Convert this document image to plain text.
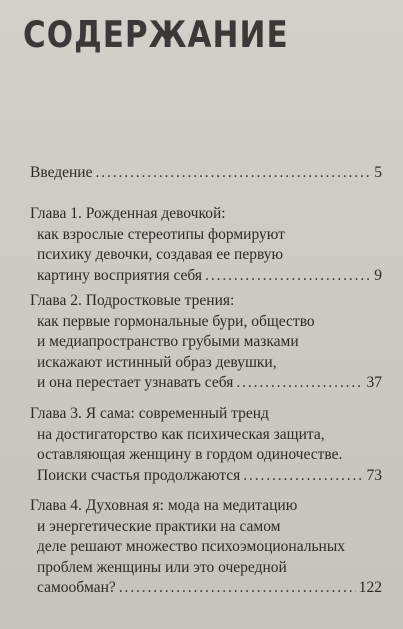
СОДЕРЖАНИЕ
Введение . . .	5
Глава 1. Рожденная девочкой:
как взрослые стереотипы формируют
психику девочки, создавая ее первую
картину восприятия себя . . .	9
Глава 2. Подростковые трения:
как первые гормональные бури, общество
и медиапространство грубыми мазками
искажают истинный образ девушки,
и она перестает узнавать себя . . .	37
Глава 3. Я сама: современный тренд
на достигаторство как психическая защита,
оставляющая женщину в гордом одиночестве.
Поиски счастья продолжаются . . .	73
Глава 4. Духовная я: мода на медитацию
и энергетические практики на самом
деле решают множество психоэмоциональных
проблем женщины или это очередной
самообман? . . .	122
